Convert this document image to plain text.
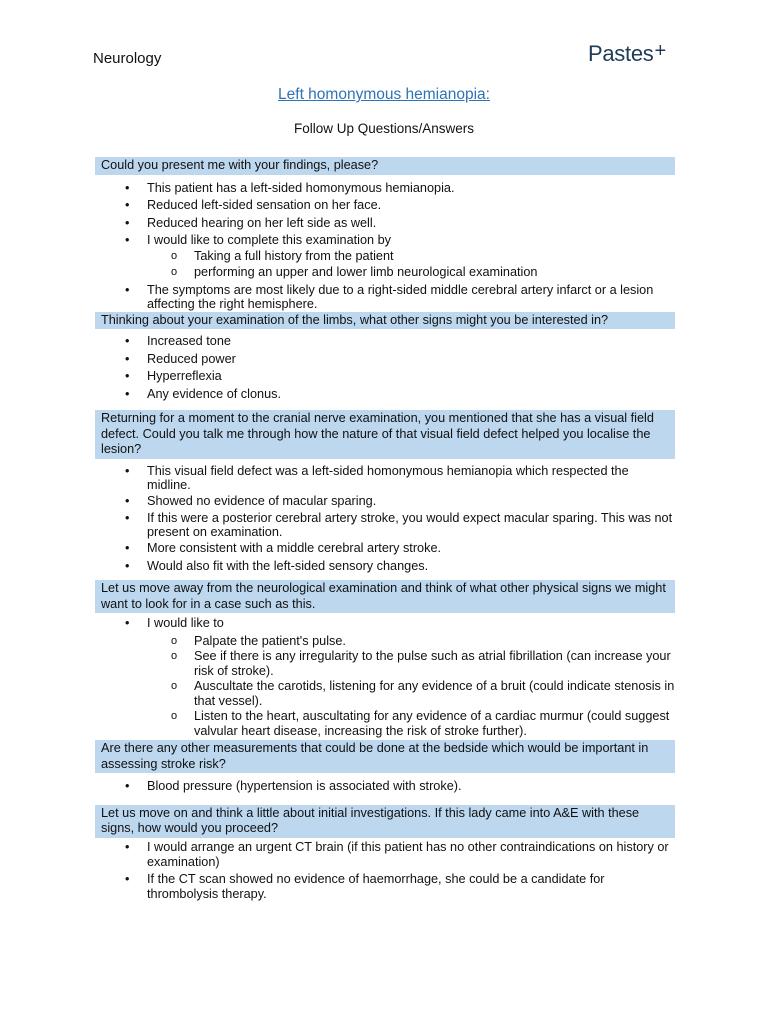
Neurology	Pastes+
Left homonymous hemianopia:
Follow Up Questions/Answers
Could you present me with your findings, please?
• This patient has a left-sided homonymous hemianopia.
• Reduced left-sided sensation on her face.
• Reduced hearing on her left side as well.
• I would like to complete this examination by
o Taking a full history from the patient
o performing an upper and lower limb neurological examination
• The symptoms are most likely due to a right-sided middle cerebral artery infarct or a lesion affecting the right hemisphere.
Thinking about your examination of the limbs, what other signs might you be interested in?
• Increased tone
• Reduced power
• Hyperreflexia
• Any evidence of clonus.
Returning for a moment to the cranial nerve examination, you mentioned that she has a visual field defect. Could you talk me through how the nature of that visual field defect helped you localise the lesion?
• This visual field defect was a left-sided homonymous hemianopia which respected the midline.
• Showed no evidence of macular sparing.
• If this were a posterior cerebral artery stroke, you would expect macular sparing. This was not present on examination.
• More consistent with a middle cerebral artery stroke.
• Would also fit with the left-sided sensory changes.
Let us move away from the neurological examination and think of what other physical signs we might want to look for in a case such as this.
• I would like to
o Palpate the patient's pulse.
o See if there is any irregularity to the pulse such as atrial fibrillation (can increase your risk of stroke).
o Auscultate the carotids, listening for any evidence of a bruit (could indicate stenosis in that vessel).
o Listen to the heart, auscultating for any evidence of a cardiac murmur (could suggest valvular heart disease, increasing the risk of stroke further).
Are there any other measurements that could be done at the bedside which would be important in assessing stroke risk?
• Blood pressure (hypertension is associated with stroke).
Let us move on and think a little about initial investigations. If this lady came into A&E with these signs, how would you proceed?
• I would arrange an urgent CT brain (if this patient has no other contraindications on history or examination)
• If the CT scan showed no evidence of haemorrhage, she could be a candidate for thrombolysis therapy.
